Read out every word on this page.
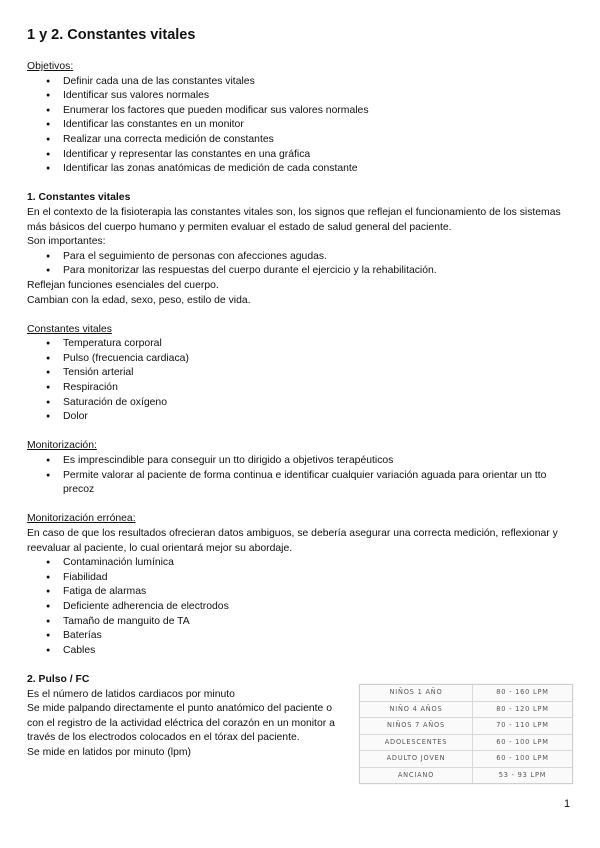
1 y 2. Constantes vitales
Objetivos:
● Definir cada una de las constantes vitales
● Identificar sus valores normales
● Enumerar los factores que pueden modificar sus valores normales
● Identificar las constantes en un monitor
● Realizar una correcta medición de constantes
● Identificar y representar las constantes en una gráfica
● Identificar las zonas anatómicas de medición de cada constante
1. Constantes vitales
En el contexto de la fisioterapia las constantes vitales son, los signos que reflejan el funcionamiento de los sistemas más básicos del cuerpo humano y permiten evaluar el estado de salud general del paciente.
Son importantes:
● Para el seguimiento de personas con afecciones agudas.
● Para monitorizar las respuestas del cuerpo durante el ejercicio y la rehabilitación.
Reflejan funciones esenciales del cuerpo.
Cambian con la edad, sexo, peso, estilo de vida.
Constantes vitales
● Temperatura corporal
● Pulso (frecuencia cardiaca)
● Tensión arterial
● Respiración
● Saturación de oxígeno
● Dolor
Monitorización:
● Es imprescindible para conseguir un tto dirigido a objetivos terapéuticos
● Permite valorar al paciente de forma continua e identificar cualquier variación aguada para orientar un tto precoz
Monitorización errónea:
En caso de que los resultados ofrecieran datos ambiguos, se debería asegurar una correcta medición, reflexionar y reevaluar al paciente, lo cual orientará mejor su abordaje.
● Contaminación lumínica
● Fiabilidad
● Fatiga de alarmas
● Deficiente adherencia de electrodos
● Tamaño de manguito de TA
● Baterías
● Cables
2. Pulso / FC
Es el número de latidos cardiacos por minuto
Se mide palpando directamente el punto anatómico del paciente o con el registro de la actividad eléctrica del corazón en un monitor a través de los electrodos colocados en el tórax del paciente.
Se mide en latidos por minuto (lpm)
NIÑOS 1 AÑO	80 - 160 LPM
NIÑO 4 AÑOS	80 - 120 LPM
NIÑOS 7 AÑOS	70 - 110 LPM
ADOLESCENTES	60 - 100 LPM
ADULTO JOVEN	60 - 100 LPM
ANCIANO	53 - 93 LPM
1
